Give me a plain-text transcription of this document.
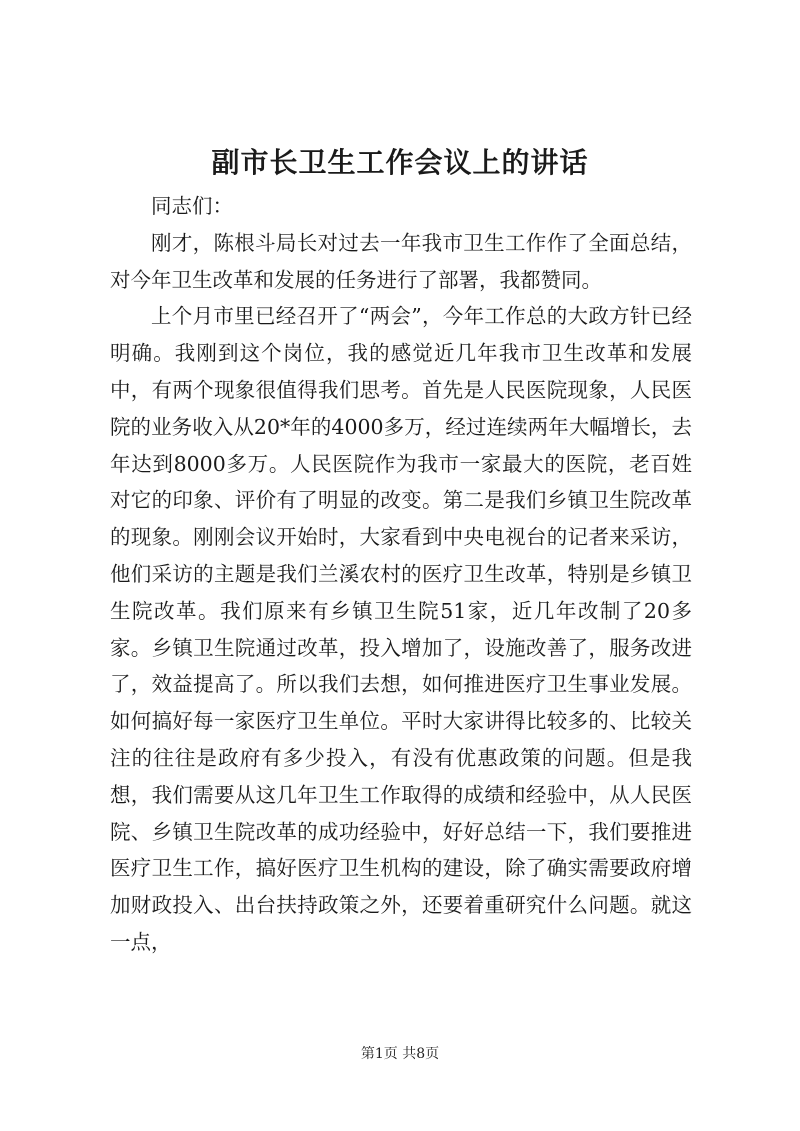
副市长卫生工作会议上的讲话

同志们：

刚才，陈根斗局长对过去一年我市卫生工作作了全面总结，对今年卫生改革和发展的任务进行了部署，我都赞同。

上个月市里已经召开了“两会”，今年工作总的大政方针已经明确。我刚到这个岗位，我的感觉近几年我市卫生改革和发展中，有两个现象很值得我们思考。首先是人民医院现象，人民医院的业务收入从20*年的4000多万，经过连续两年大幅增长，去年达到8000多万。人民医院作为我市一家最大的医院，老百姓对它的印象、评价有了明显的改变。第二是我们乡镇卫生院改革的现象。刚刚会议开始时，大家看到中央电视台的记者来采访，他们采访的主题是我们兰溪农村的医疗卫生改革，特别是乡镇卫生院改革。我们原来有乡镇卫生院51家，近几年改制了20多家。乡镇卫生院通过改革，投入增加了，设施改善了，服务改进了，效益提高了。所以我们去想，如何推进医疗卫生事业发展。如何搞好每一家医疗卫生单位。平时大家讲得比较多的、比较关注的往往是政府有多少投入，有没有优惠政策的问题。但是我想，我们需要从这几年卫生工作取得的成绩和经验中，从人民医院、乡镇卫生院改革的成功经验中，好好总结一下，我们要推进医疗卫生工作，搞好医疗卫生机构的建设，除了确实需要政府增加财政投入、出台扶持政策之外，还要着重研究什么问题。就这一点，

第1页 共8页
